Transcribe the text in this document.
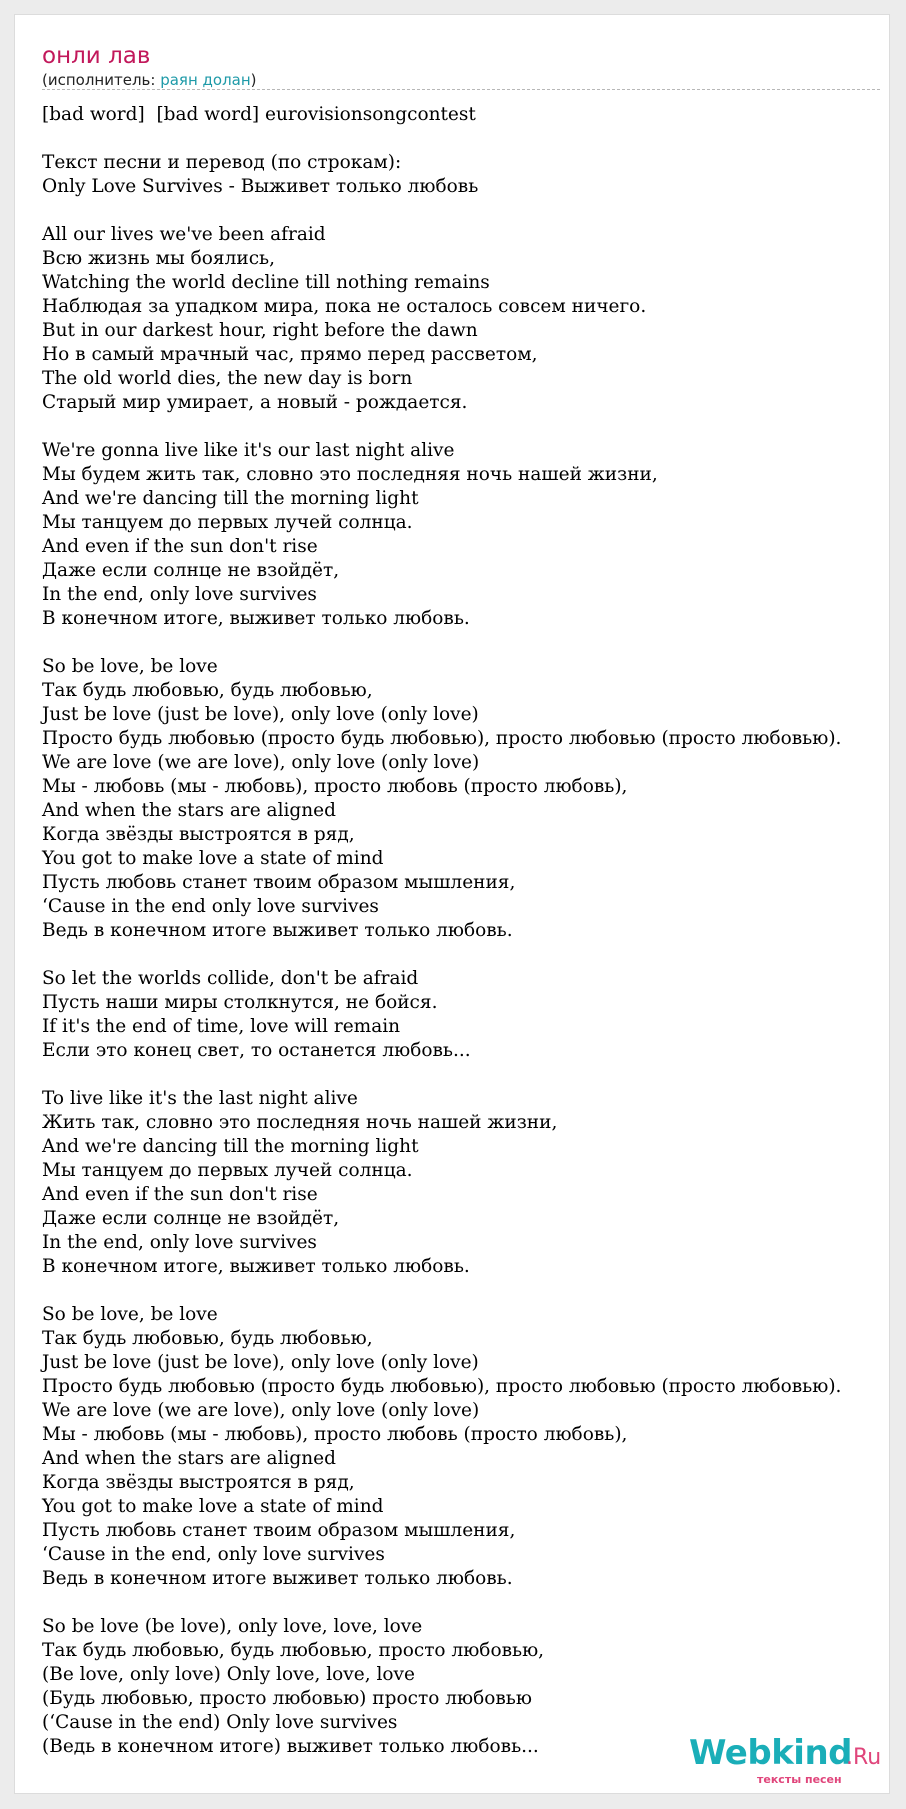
онли лав
(исполнитель: раян долан)
[bad word]  [bad word] eurovisionsongcontest
Текст песни и перевод (по строкам):
Only Love Survives - Выживет только любовь
All our lives we've been afraid
Всю жизнь мы боялись,
Watching the world decline till nothing remains
Наблюдая за упадком мира, пока не осталось совсем ничего.
But in our darkest hour, right before the dawn
Но в самый мрачный час, прямо перед рассветом,
The old world dies, the new day is born
Старый мир умирает, а новый - рождается.
We're gonna live like it's our last night alive
Мы будем жить так, словно это последняя ночь нашей жизни,
And we're dancing till the morning light
Мы танцуем до первых лучей солнца.
And even if the sun don't rise
Даже если солнце не взойдёт,
In the end, only love survives
В конечном итоге, выживет только любовь.
So be love, be love
Так будь любовью, будь любовью,
Just be love (just be love), only love (only love)
Просто будь любовью (просто будь любовью), просто любовью (просто любовью).
We are love (we are love), only love (only love)
Мы - любовь (мы - любовь), просто любовь (просто любовь),
And when the stars are aligned
Когда звёзды выстроятся в ряд,
You got to make love a state of mind
Пусть любовь станет твоим образом мышления,
‘Cause in the end only love survives
Ведь в конечном итоге выживет только любовь.
So let the worlds collide, don't be afraid
Пусть наши миры столкнутся, не бойся.
If it's the end of time, love will remain
Если это конец свет, то останется любовь...
To live like it's the last night alive
Жить так, словно это последняя ночь нашей жизни,
And we're dancing till the morning light
Мы танцуем до первых лучей солнца.
And even if the sun don't rise
Даже если солнце не взойдёт,
In the end, only love survives
В конечном итоге, выживет только любовь.
So be love, be love
Так будь любовью, будь любовью,
Just be love (just be love), only love (only love)
Просто будь любовью (просто будь любовью), просто любовью (просто любовью).
We are love (we are love), only love (only love)
Мы - любовь (мы - любовь), просто любовь (просто любовь),
And when the stars are aligned
Когда звёзды выстроятся в ряд,
You got to make love a state of mind
Пусть любовь станет твоим образом мышления,
‘Cause in the end, only love survives
Ведь в конечном итоге выживет только любовь.
So be love (be love), only love, love, love
Так будь любовью, будь любовью, просто любовью,
(Be love, only love) Only love, love, love
(Будь любовью, просто любовью) просто любовью
(‘Cause in the end) Only love survives
(Ведь в конечном итоге) выживет только любовь...	Webkind
.Ru
тексты песен
